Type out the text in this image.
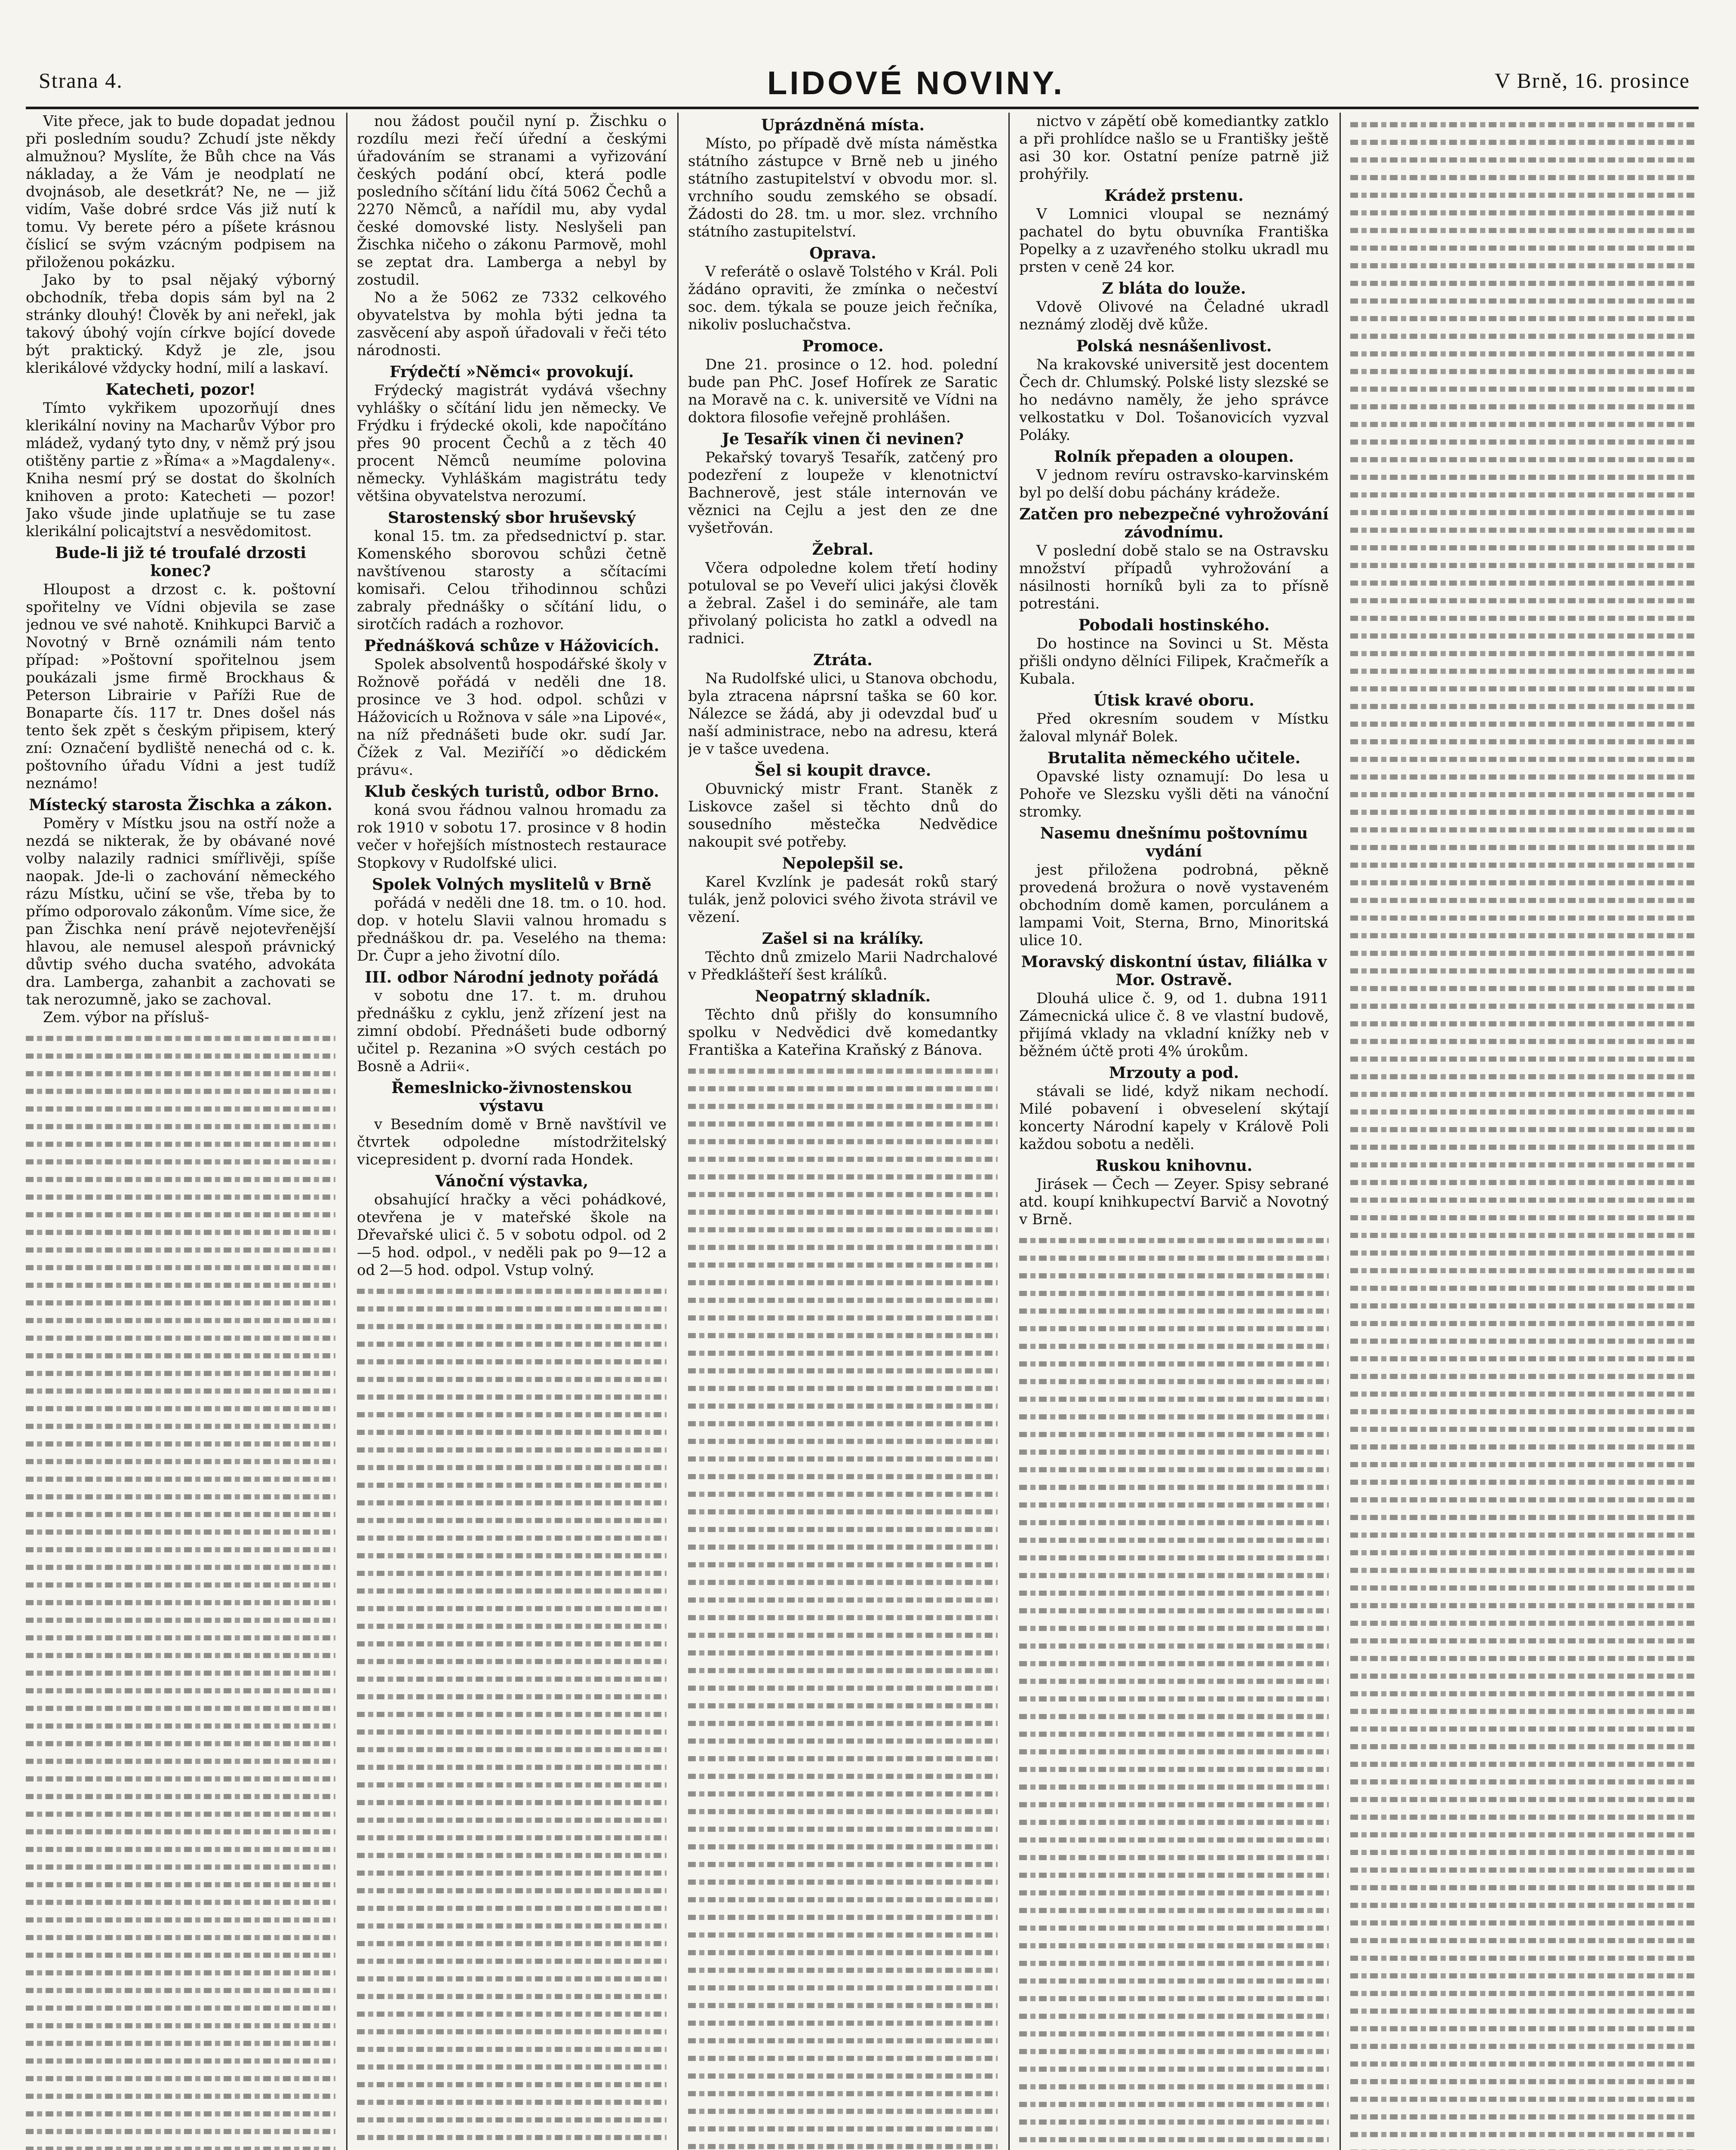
Strana 4.	LIDOVÉ NOVINY.	V Brně, 16. prosince

Vite přece, jak to bude dopadat jednou při posledním soudu? Zchudí jste někdy almužnou? Myslíte, že Bůh chce na Vás nákladay, a že Vám je neodplatí ne dvojnásob, ale desetkrát? Ne, ne — již vidím, Vaše dobré srdce Vás již nutí k tomu. Vy berete péro a píšete krásnou číslicí se svým vzácným podpisem na přiloženou pokázku.

Jako by to psal nějaký výborný obchodník, třeba dopis sám byl na 2 stránky dlouhý! Člověk by ani neřekl, jak takový úbohý vojín církve bojící dovede být praktický. Když je zle, jsou klerikálové vždycky hodní, milí a laskaví.

Katecheti, pozor!

Tímto vykřikem upozorňují dnes klerikální noviny na Macharův Výbor pro mládež, vydaný tyto dny, v němž prý jsou otištěny partie z »Říma« a »Magdaleny«. Kniha nesmí prý se dostat do školních knihoven a proto: Katecheti — pozor! Jako všude jinde uplatňuje se tu zase klerikální policajtství a nesvědomitost.

Bude-li již té troufalé drzosti konec?

Hloupost a drzost c. k. poštovní spořitelny ve Vídni objevila se zase jednou ve své nahotě. Knihkupci Barvič a Novotný v Brně oznámili nám tento případ: »Poštovní spořitelnou jsem poukázali jsme firmě Brockhaus & Peterson Librairie v Paříži Rue de Bonaparte čís. 117 tr. Dnes došel nás tento šek zpět s českým připisem, který zní: Označení bydliště nenechá od c. k. poštovního úřadu Vídni a jest tudíž neznámo!

Místecký starosta Žischka a zákon.

Poměry v Místku jsou na ostří nože a nezdá se nikterak, že by obávané nové volby nalazily radnici smířlivěji, spíše naopak. Jde-li o zachování německého rázu Místku, učiní se vše, třeba by to přímo odporovalo zákonům. Víme sice, že pan Žischka není právě nejotevřenější hlavou, ale nemusel alespoň právnický důvtip svého ducha svatého, advokáta dra. Lamberga, zahanbit a zachovati se tak nerozumně, jako se zachoval.

Zem. výbor na přísluš-

nou žádost poučil nyní p. Žischku o rozdílu mezi řečí úřední a českými úřadováním se stranami a vyřizování českých podání obcí, která podle posledního sčítání lidu čítá 5062 Čechů a 2270 Němců, a nařídil mu, aby vydal české domovské listy. Neslyšeli pan Žischka ničeho o zákonu Parmově, mohl se zeptat dra. Lamberga a nebyl by zostudil.

No a že 5062 ze 7332 celkového obyvatelstva by mohla býti jedna ta zasvěcení aby aspoň úřadovali v řeči této národnosti.

Frýdečtí »Němci« provokují.

Frýdecký magistrát vydává všechny vyhlášky o sčítání lidu jen německy. Ve Frýdku i frýdecké okoli, kde napočítáno přes 90 procent Čechů a z těch 40 procent Němců neumíme polovina německy. Vyhláškám magistrátu tedy většina obyvatelstva nerozumí.

Starostenský sbor hruševský

konal 15. tm. za předsednictví p. star. Komenského sborovou schůzi četně navštívenou starosty a sčítacími komisaři. Celou třihodinnou schůzi zabraly přednášky o sčítání lidu, o sirotčích radách a rozhovor.

Přednášková schůze v Hážovicích.

Spolek absolventů hospodářské školy v Rožnově pořádá v neděli dne 18. prosince ve 3 hod. odpol. schůzi v Hážovicích u Rožnova v sále »na Lipové«, na níž přednášeti bude okr. sudí Jar. Čížek z Val. Meziříčí »o dědickém právu«.

Klub českých turistů, odbor Brno.

koná svou řádnou valnou hromadu za rok 1910 v sobotu 17. prosince v 8 hodin večer v hořejších místnostech restaurace Stopkovy v Rudolfské ulici.

Spolek Volných myslitelů v Brně

pořádá v neděli dne 18. tm. o 10. hod. dop. v hotelu Slavii valnou hromadu s přednáškou dr. pa. Veselého na thema: Dr. Čupr a jeho životní dílo.

III. odbor Národní jednoty pořádá

v sobotu dne 17. t. m. druhou přednášku z cyklu, jenž zřízení jest na zimní období. Přednášeti bude odborný učitel p. Rezanina »O svých cestách po Bosně a Adrii«.

Řemeslnicko-živnostenskou výstavu

v Besedním domě v Brně navštívil ve čtvrtek odpoledne místodržitelský vicepresident p. dvorní rada Hondek.

Vánoční výstavka,

obsahující hračky a věci pohádkové, otevřena je v mateřské škole na Dřevařské ulici č. 5 v sobotu odpol. od 2—5 hod. odpol., v neděli pak po 9—12 a od 2—5 hod. odpol. Vstup volný.

Uprázdněná místa.

Místo, po případě dvě místa náměstka státního zástupce v Brně neb u jiného státního zastupitelství v obvodu mor. sl. vrchního soudu zemského se obsadí. Žádosti do 28. tm. u mor. slez. vrchního státního zastupitelství.

Oprava.

V referátě o oslavě Tolstého v Král. Poli žádáno opraviti, že zmínka o nečeství soc. dem. týkala se pouze jeich řečníka, nikoliv posluchačstva.

Promoce.

Dne 21. prosince o 12. hod. polední bude pan PhC. Josef Hofírek ze Saratic na Moravě na c. k. universitě ve Vídni na doktora filosofie veřejně prohlášen.

Je Tesařík vinen či nevinen?

Pekařský tovaryš Tesařík, zatčený pro podezření z loupeže v klenotnictví Bachnerově, jest stále internován ve věznici na Cejlu a jest den ze dne vyšetřován.

Žebral.

Včera odpoledne kolem třetí hodiny potuloval se po Veveří ulici jakýsi člověk a žebral. Zašel i do semináře, ale tam přivolaný policista ho zatkl a odvedl na radnici.

Ztráta.

Na Rudolfské ulici, u Stanova obchodu, byla ztracena náprsní taška se 60 kor. Nálezce se žádá, aby ji odevzdal buď u naší administrace, nebo na adresu, která je v tašce uvedena.

Šel si koupit dravce.

Obuvnický mistr Frant. Staněk z Liskovce zašel si těchto dnů do sousedního městečka Nedvědice nakoupit své potřeby.

Nepolepšil se.

Karel Kvzlínk je padesát roků starý tulák, jenž polovici svého života strávil ve vězení.

Zašel si na králíky.

Těchto dnů zmizelo Marii Nadrchalové v Předklášteří šest králíků.

Neopatrný skladník.

Těchto dnů přišly do konsumního spolku v Nedvědici dvě komedantky Františka a Kateřina Kraňský z Bánova.

nictvo v zápětí obě komediantky zatklo a při prohlídce našlo se u Františky ještě asi 30 kor. Ostatní peníze patrně již prohýřily.

Krádež prstenu.

V Lomnici vloupal se neznámý pachatel do bytu obuvníka Františka Popelky a z uzavřeného stolku ukradl mu prsten v ceně 24 kor.

Z bláta do louže.

Vdově Olivové na Čeladné ukradl neznámý zloděj dvě kůže.

Polská nesnášenlivost.

Na krakovské universitě jest docentem Čech dr. Chlumský. Polské listy slezské se ho nedávno naměly, že jeho správce velkostatku v Dol. Tošanovicích vyzval Poláky.

Rolník přepaden a oloupen.

V jednom revíru ostravsko-karvinském byl po delší dobu páchány krádeže.

Zatčen pro nebezpečné vyhrožování závodnímu.

V poslední době stalo se na Ostravsku množství případů vyhrožování a násilnosti horníků byli za to přísně potrestáni.

Pobodali hostinského.

Do hostince na Sovinci u St. Města přišli ondyno dělníci Filipek, Kračmeřík a Kubala.

Útisk kravé oboru.

Před okresním soudem v Místku žaloval mlynář Bolek.

Brutalita německého učitele.

Opavské listy oznamují: Do lesa u Pohoře ve Slezsku vyšli děti na vánoční stromky.

Nasemu dnešnímu poštovnímu vydání

jest přiložena podrobná, pěkně provedená brožura o nově vystaveném obchodním domě kamen, porculánem a lampami Voit, Sterna, Brno, Minoritská ulice 10.

Moravský diskontní ústav, filiálka v Mor. Ostravě.

Dlouhá ulice č. 9, od 1. dubna 1911 Zámecnická ulice č. 8 ve vlastní budově, přijímá vklady na vkladní knížky neb v běžném účtě proti 4% úrokům.

Mrzouty a pod.

stávali se lidé, když nikam nechodí. Milé pobavení i obveselení skýtají koncerty Národní kapely v Králově Poli každou sobotu a neděli.

Ruskou knihovnu.

Jirásek — Čech — Zeyer. Spisy sebrané atd. koupí knihkupectví Barvič a Novotný v Brně.
